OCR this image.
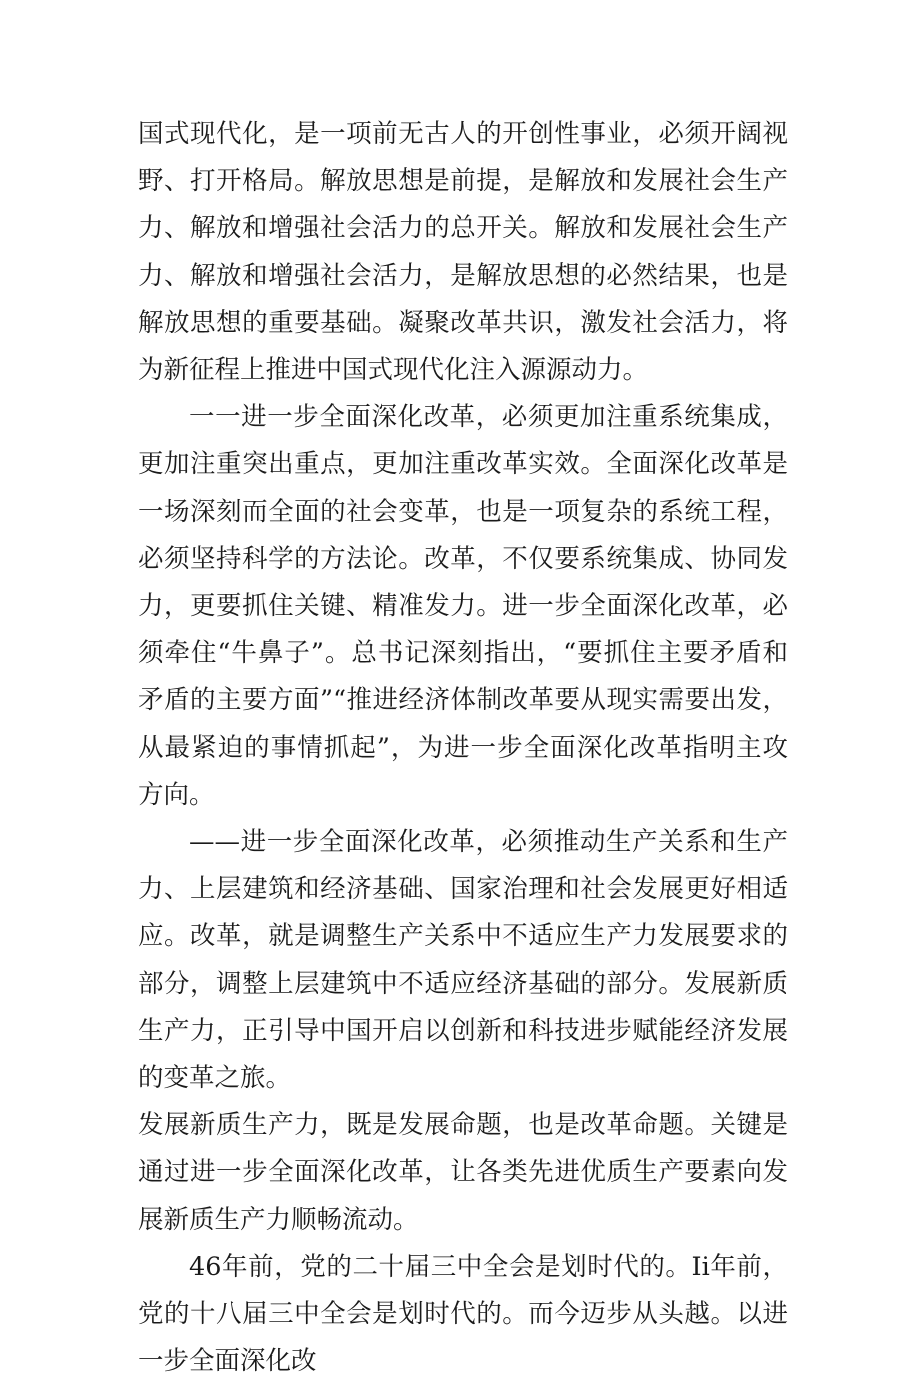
国式现代化，是一项前无古人的开创性事业，必须开阔视野、打开格局。解放思想是前提，是解放和发展社会生产力、解放和增强社会活力的总开关。解放和发展社会生产力、解放和增强社会活力，是解放思想的必然结果，也是解放思想的重要基础。凝聚改革共识，激发社会活力，将为新征程上推进中国式现代化注入源源动力。

一一进一步全面深化改革，必须更加注重系统集成，更加注重突出重点，更加注重改革实效。全面深化改革是一场深刻而全面的社会变革，也是一项复杂的系统工程，必须坚持科学的方法论。改革，不仅要系统集成、协同发力，更要抓住关键、精准发力。进一步全面深化改革，必须牵住“牛鼻子”。总书记深刻指出，“要抓住主要矛盾和矛盾的主要方面”“推进经济体制改革要从现实需要出发，从最紧迫的事情抓起”，为进一步全面深化改革指明主攻方向。

——进一步全面深化改革，必须推动生产关系和生产力、上层建筑和经济基础、国家治理和社会发展更好相适应。改革，就是调整生产关系中不适应生产力发展要求的部分，调整上层建筑中不适应经济基础的部分。发展新质生产力，正引导中国开启以创新和科技进步赋能经济发展的变革之旅。

发展新质生产力，既是发展命题，也是改革命题。关键是通过进一步全面深化改革，让各类先进优质生产要素向发展新质生产力顺畅流动。

46年前，党的二十届三中全会是划时代的。Ii年前，党的十八届三中全会是划时代的。而今迈步从头越。以进一步全面深化改
